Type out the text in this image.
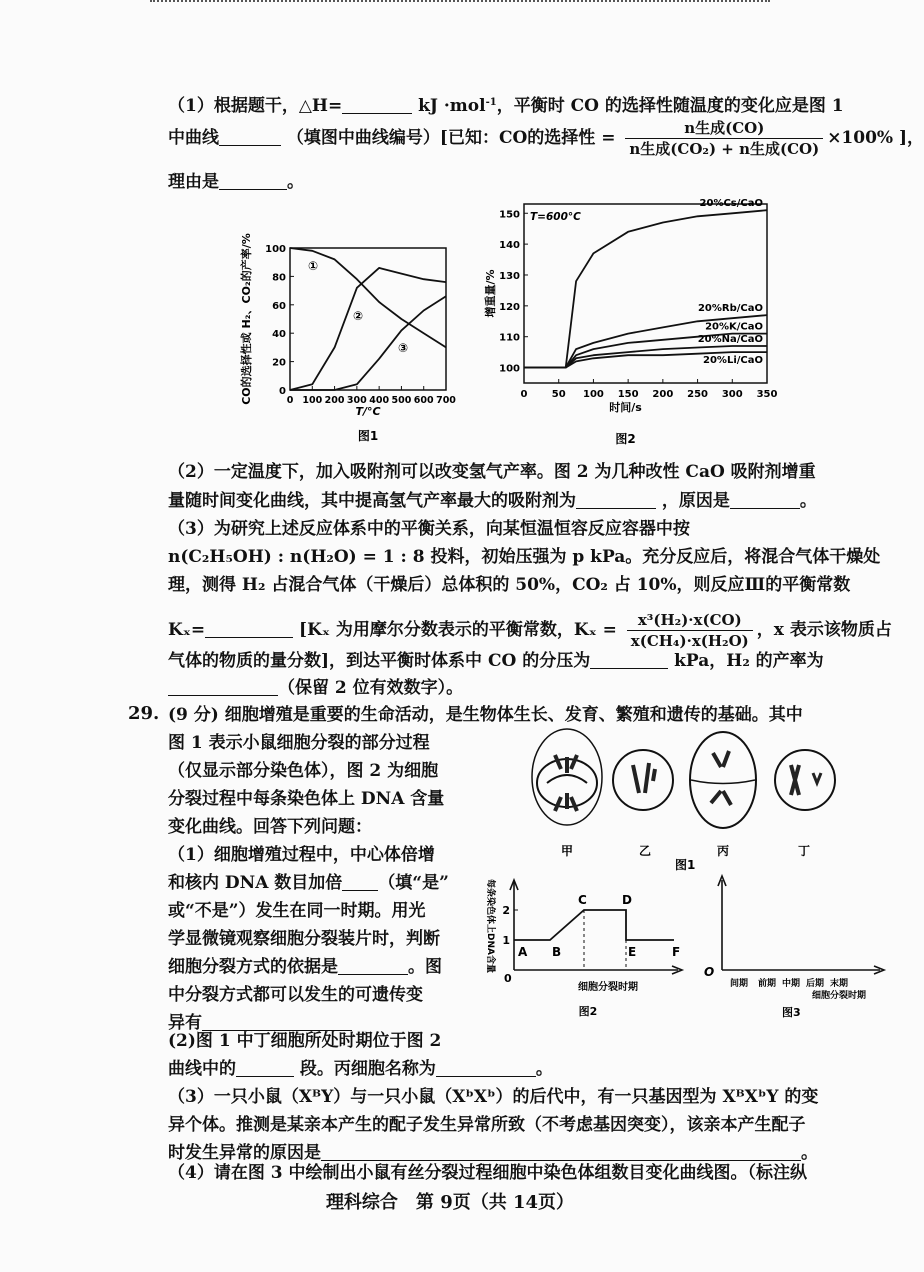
（1）根据题干，△H=	kJ ·mol$^{-1}$，平衡时 CO 的选择性随温度的变化应是图 1
中曲线	（填图中曲线编号）[已知：CO的选择性 = $\frac{\text{n生成(CO)}}{\text{n生成(CO₂) + n生成(CO)}} \times 100\%$ ]，
理由是	。
0
20
40
60
80
100
0 100 200 300 400 500 600 700
①
②
③
T/°C
CO的选择性或 H₂、CO₂的产率/%
图1
100
110
120
130
140
150
0 50 100 150 200 250 300 350
20%Cs/CaO
20%Rb/CaO
20%K/CaO
20%Na/CaO
20%Li/CaO
T=600°C
时间/s
增重量/%
图2
（2）一定温度下，加入吸附剂可以改变氢气产率。图 2 为几种改性 CaO 吸附剂增重
量随时间变化曲线，其中提高氢气产率最大的吸附剂为	，原因是	。
（3）为研究上述反应体系中的平衡关系，向某恒温恒容反应容器中按
n(C₂H₅OH) : n(H₂O) = 1 : 8 投料，初始压强为 p kPa。充分反应后，将混合气体干燥处
理，测得 H₂ 占混合气体（干燥后）总体积的 50%，CO₂ 占 10%，则反应Ⅲ的平衡常数
Kₓ=	[Kₓ 为用摩尔分数表示的平衡常数，$K_x = \frac{\text{x³(H₂)·x(CO)}}{\text{x(CH₄)·x(H₂O)}}$ ，x 表示该物质占
气体的物质的量分数]，到达平衡时体系中 CO 的分压为	kPa，H₂ 的产率为
（保留 2 位有效数字）。
29. (9 分) 细胞增殖是重要的生命活动，是生物体生长、发育、繁殖和遗传的基础。其中
图 1 表示小鼠细胞分裂的部分过程
（仅显示部分染色体），图 2 为细胞
分裂过程中每条染色体上 DNA 含量
变化曲线。回答下列问题：
（1）细胞增殖过程中，中心体倍增
和核内 DNA 数目加倍 （填“是”
或“不是”）发生在同一时期。用光
学显微镜观察细胞分裂装片时，判断
细胞分裂方式的依据是	。图
中分裂方式都可以发生的可遗传变
异有
(2)图 1 中丁细胞所处时期位于图 2
曲线中的	段。丙细胞名称为	。
（3）一只小鼠（XᴮY）与一只小鼠（XᵇXᵇ）的后代中，有一只基因型为 XᴮXᵇY 的变
异个体。推测是某亲本产生的配子发生异常所致（不考虑基因突变），该亲本产生配子
时发生异常的原因是	。
（4）请在图 3 中绘制出小鼠有丝分裂过程细胞中染色体组数目变化曲线图。（标注纵
甲	乙	丙	丁
图1
1
2
A B
C	D
E	F
0
每条染色体上DNA含量
细胞分裂时期
图2
O
间期 前期 中期 后期 末期
细胞分裂时期
图3
理科综合　第 9页（共 14页）
